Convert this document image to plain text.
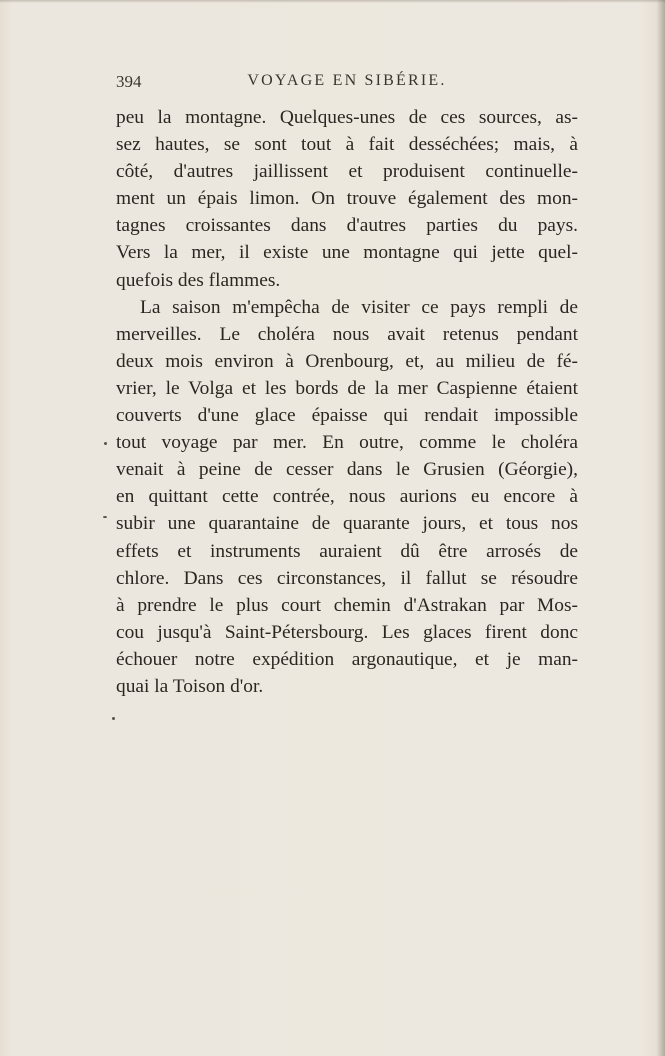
394	VOYAGE EN SIBÉRIE.
peu la montagne. Quelques-unes de ces sources, as-
sez hautes, se sont tout à fait desséchées; mais, à
côté, d'autres jaillissent et produisent continuelle-
ment un épais limon. On trouve également des mon-
tagnes croissantes dans d'autres parties du pays.
Vers la mer, il existe une montagne qui jette quel-
quefois des flammes.
La saison m'empêcha de visiter ce pays rempli de
merveilles. Le choléra nous avait retenus pendant
deux mois environ à Orenbourg, et, au milieu de fé-
vrier, le Volga et les bords de la mer Caspienne étaient
couverts d'une glace épaisse qui rendait impossible
tout voyage par mer. En outre, comme le choléra
venait à peine de cesser dans le Grusien (Géorgie),
en quittant cette contrée, nous aurions eu encore à
subir une quarantaine de quarante jours, et tous nos
effets et instruments auraient dû être arrosés de
chlore. Dans ces circonstances, il fallut se résoudre
à prendre le plus court chemin d'Astrakan par Mos-
cou jusqu'à Saint-Pétersbourg. Les glaces firent donc
échouer notre expédition argonautique, et je man-
quai la Toison d'or.
